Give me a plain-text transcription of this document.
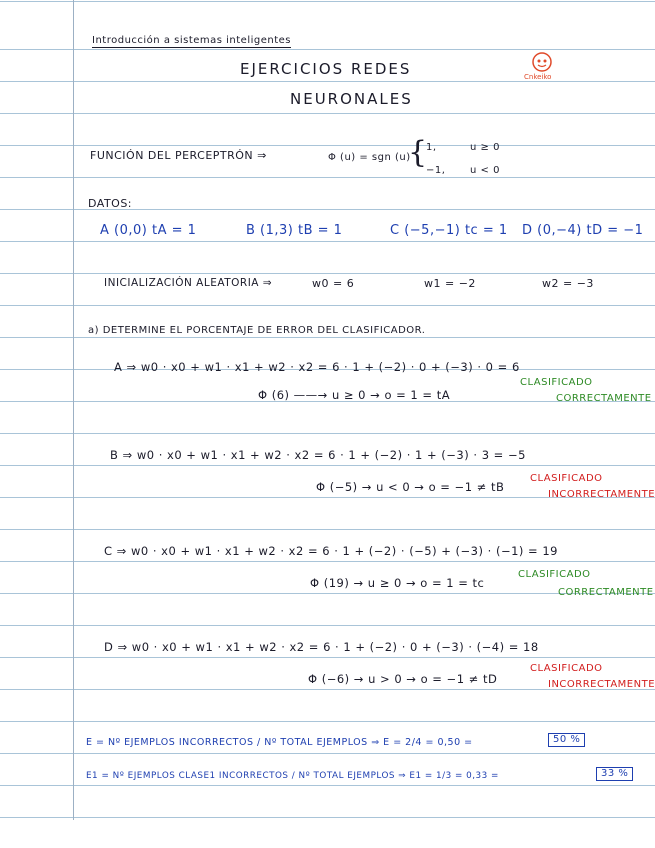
Introducción a sistemas inteligentes
EJERCICIOS REDES
NEURONALES
Cnkeiko
FUNCIÓN DEL PERCEPTRÓN ⇒	Φ (u) = sgn (u)
{
1,	u ≥ 0
−1, u < 0
DATOS:
A (0,0) tA = 1	B (1,3) tB = 1	C (−5,−1) tc = 1 D (0,−4) tD = −1
INICIALIZACIÓN ALEATORIA ⇒	w0 = 6	w1 = −2	w2 = −3
a) DETERMINE EL PORCENTAJE DE ERROR DEL CLASIFICADOR.
A ⇒ w0 · x0 + w1 · x1 + w2 · x2 = 6 · 1 + (−2) · 0 + (−3) · 0 = 6
Φ (6) ——→ u ≥ 0 → o = 1 = tA
CLASIFICADO
CORRECTAMENTE
B ⇒ w0 · x0 + w1 · x1 + w2 · x2 = 6 · 1 + (−2) · 1 + (−3) · 3 = −5
Φ (−5) → u < 0 → o = −1 ≠ tB
CLASIFICADO
INCORRECTAMENTE
C ⇒ w0 · x0 + w1 · x1 + w2 · x2 = 6 · 1 + (−2) · (−5) + (−3) · (−1) = 19
Φ (19) → u ≥ 0 → o = 1 = tc
CLASIFICADO
CORRECTAMENTE
D ⇒ w0 · x0 + w1 · x1 + w2 · x2 = 6 · 1 + (−2) · 0 + (−3) · (−4) = 18
Φ (−6) → u > 0 → o = −1 ≠ tD
CLASIFICADO
INCORRECTAMENTE
E = Nº EJEMPLOS INCORRECTOS / Nº TOTAL EJEMPLOS ⇒ E = 2/4 = 0,50 =	50 %
E1 = Nº EJEMPLOS CLASE1 INCORRECTOS / Nº TOTAL EJEMPLOS ⇒ E1 = 1/3 = 0,33 =	33 %
